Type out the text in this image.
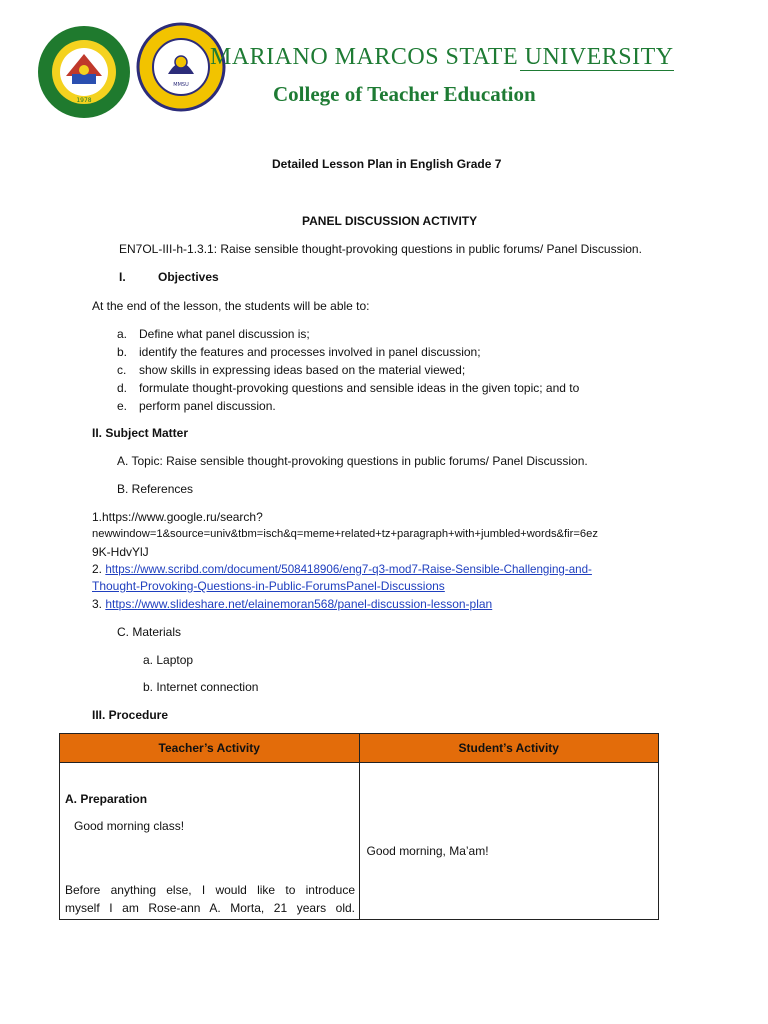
1978
MMSU
MARIANO MARCOS STATE UNIVERSITY
College of Teacher Education
Detailed Lesson Plan in English Grade 7
PANEL DISCUSSION ACTIVITY
EN7OL-III-h-1.3.1: Raise sensible thought-provoking questions in public forums/ Panel Discussion.
I.	Objectives
At the end of the lesson, the students will be able to:
a. Define what panel discussion is;
b. identify the features and processes involved in panel discussion;
c. show skills in expressing ideas based on the material viewed;
d. formulate thought-provoking questions and sensible ideas in the given topic; and to
e. perform panel discussion.
II. Subject Matter
A. Topic: Raise sensible thought-provoking questions in public forums/ Panel Discussion.
B. References
1.https://www.google.ru/search?
newwindow=1&source=univ&tbm=isch&q=meme+related+tz+paragraph+with+jumbled+words&fir=6ez
9K-HdvYlJ
2. https://www.scribd.com/document/508418906/eng7-q3-mod7-Raise-Sensible-Challenging-and-
Thought-Provoking-Questions-in-Public-ForumsPanel-Discussions
3. https://www.slideshare.net/elainemoran568/panel-discussion-lesson-plan
C. Materials
a. Laptop
b. Internet connection
III. Procedure
Teacher’s Activity	Student’s Activity

A. Preparation
Good morning class!
Before anything else, I would like to introduce
myself I am Rose-ann A. Morta, 21 years old.	Good morning, Ma’am!
